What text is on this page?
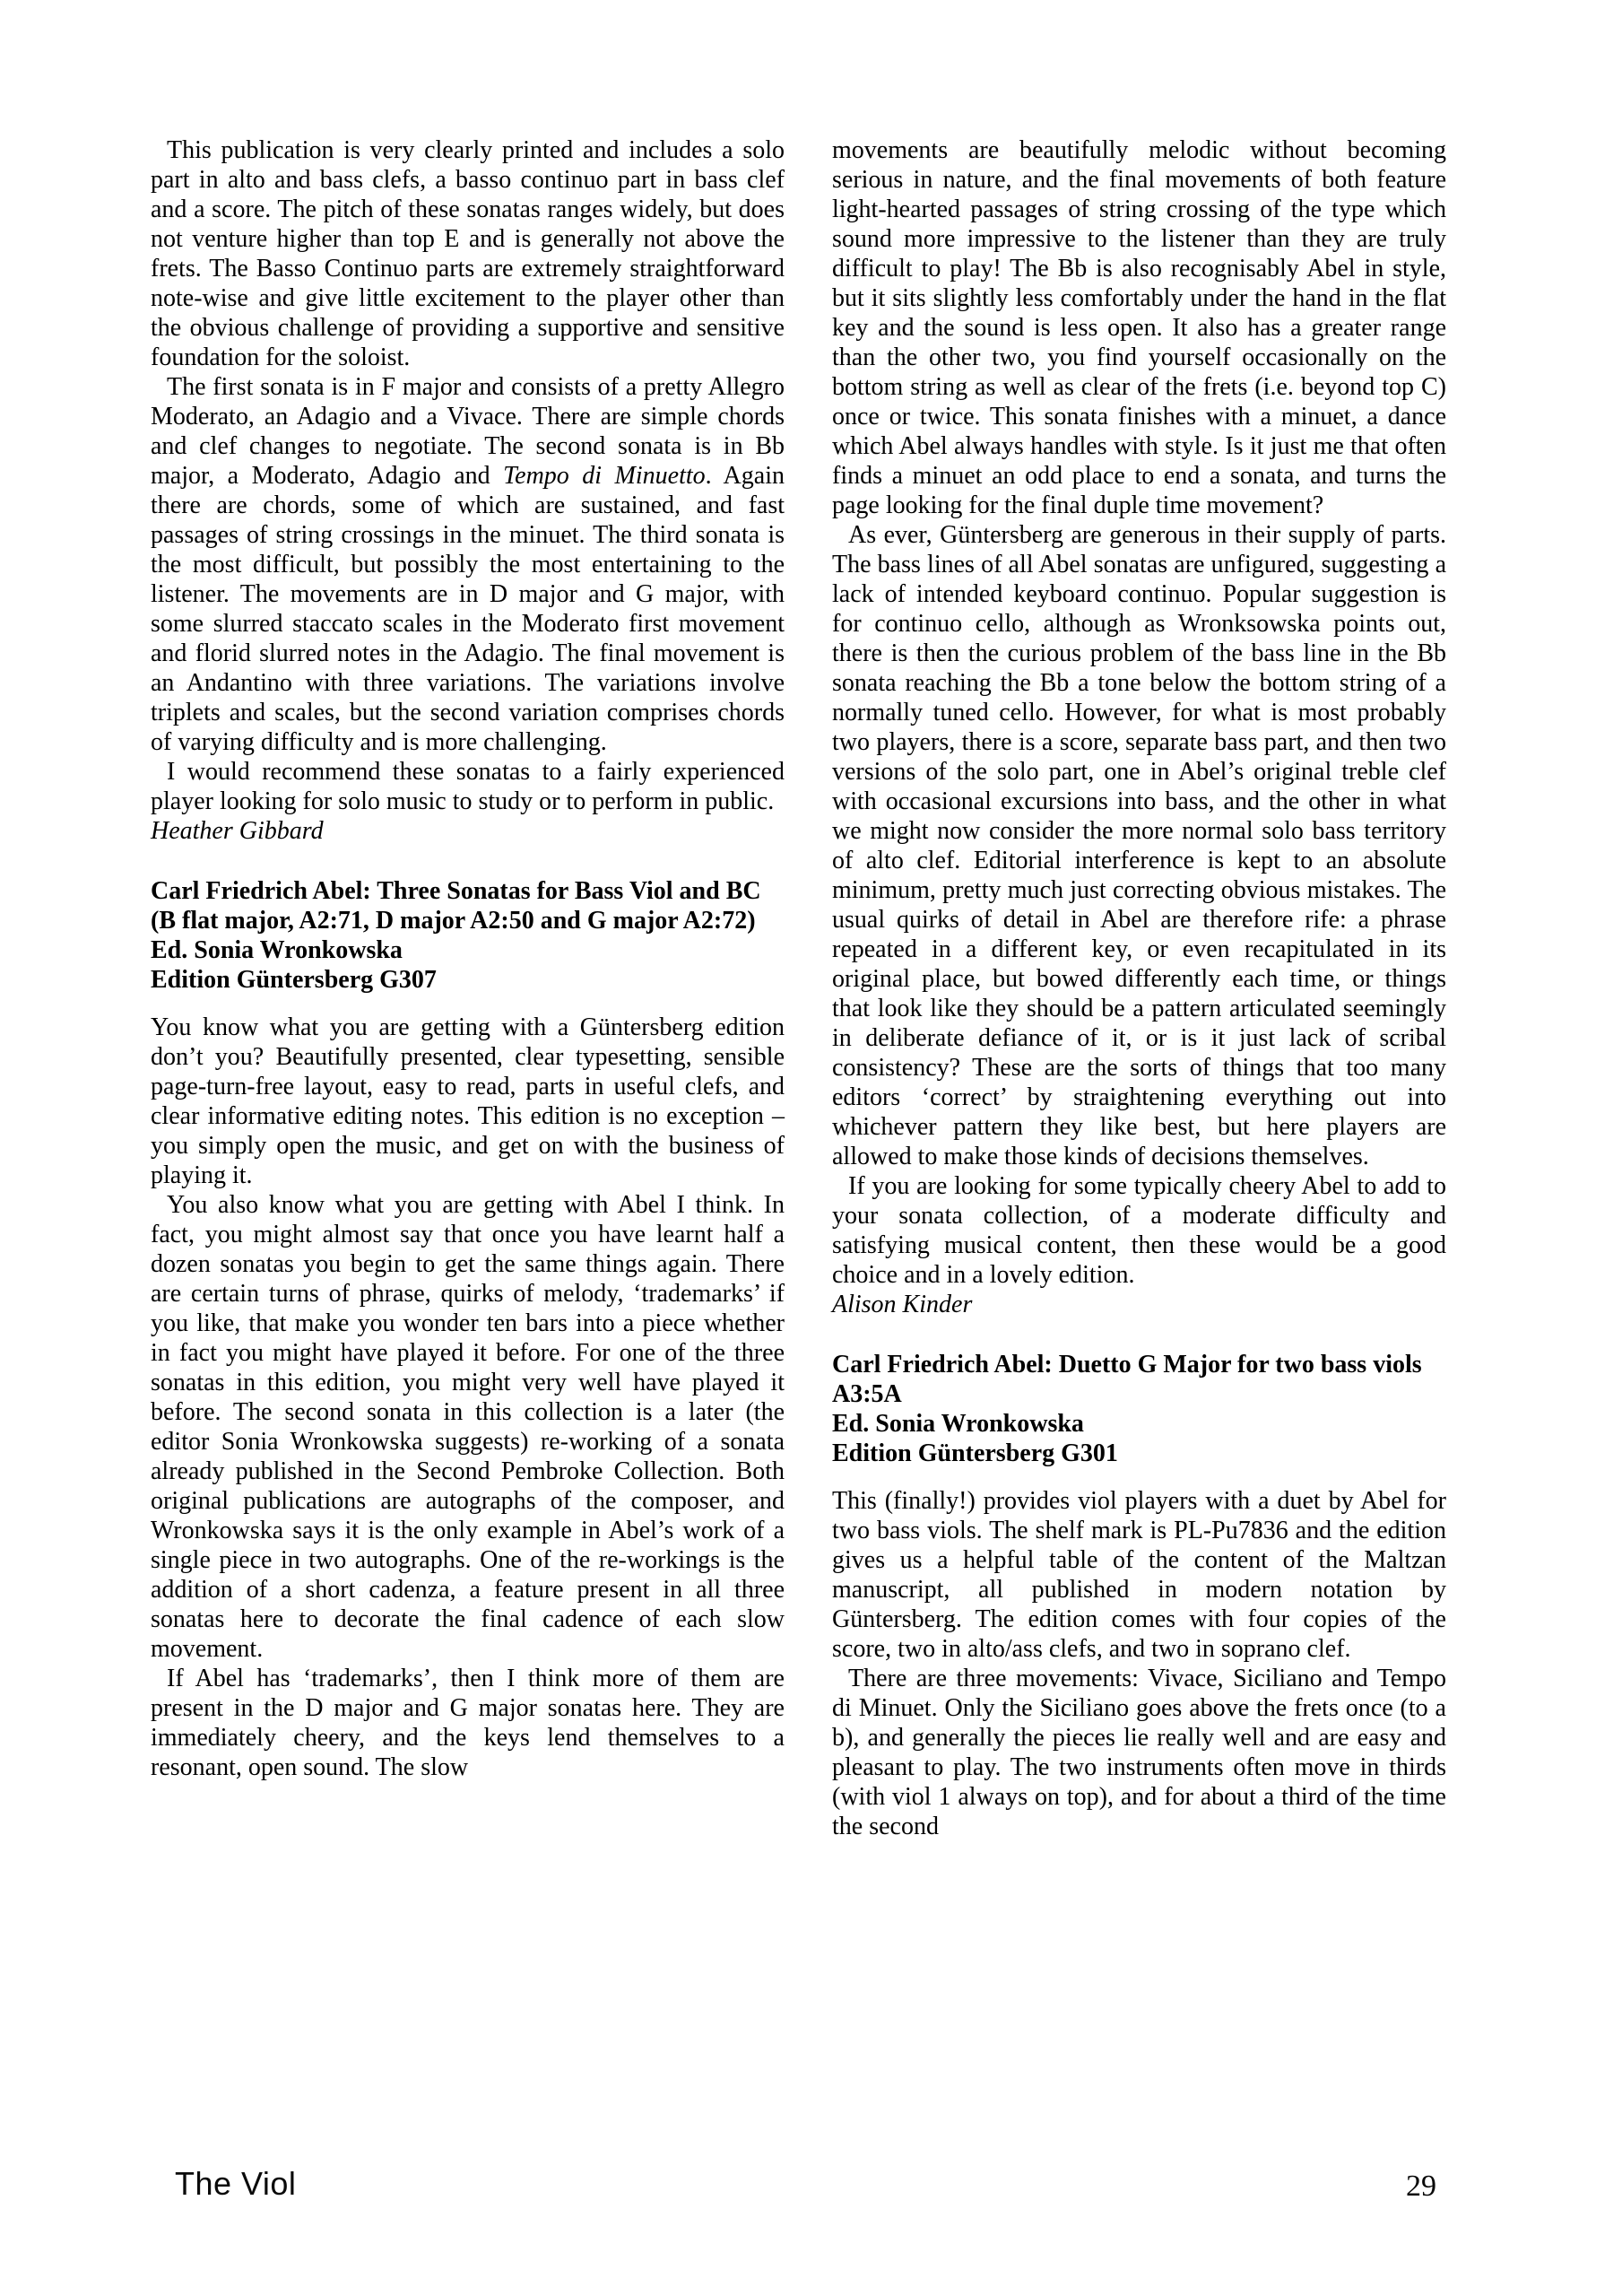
This publication is very clearly printed and includes a solo part in alto and bass clefs, a basso continuo part in bass clef and a score. The pitch of these sonatas ranges widely, but does not venture higher than top E and is generally not above the frets. The Basso Continuo parts are extremely straightforward note-wise and give little excitement to the player other than the obvious challenge of providing a supportive and sensitive foundation for the soloist.

The first sonata is in F major and consists of a pretty Allegro Moderato, an Adagio and a Vivace. There are simple chords and clef changes to negotiate. The second sonata is in Bb major, a Moderato, Adagio and Tempo di Minuetto. Again there are chords, some of which are sustained, and fast passages of string crossings in the minuet. The third sonata is the most difficult, but possibly the most entertaining to the listener. The movements are in D major and G major, with some slurred staccato scales in the Moderato first movement and florid slurred notes in the Adagio. The final movement is an Andantino with three variations. The variations involve triplets and scales, but the second variation comprises chords of varying difficulty and is more challenging.

I would recommend these sonatas to a fairly experienced player looking for solo music to study or to perform in public.

Heather Gibbard

Carl Friedrich Abel: Three Sonatas for Bass Viol and BC (B flat major, A2:71, D major A2:50 and G major A2:72)
Ed. Sonia Wronkowska
Edition Güntersberg G307

You know what you are getting with a Güntersberg edition don’t you? Beautifully presented, clear typesetting, sensible page-turn-free layout, easy to read, parts in useful clefs, and clear informative editing notes. This edition is no exception – you simply open the music, and get on with the business of playing it.

You also know what you are getting with Abel I think. In fact, you might almost say that once you have learnt half a dozen sonatas you begin to get the same things again. There are certain turns of phrase, quirks of melody, ‘trademarks’ if you like, that make you wonder ten bars into a piece whether in fact you might have played it before. For one of the three sonatas in this edition, you might very well have played it before. The second sonata in this collection is a later (the editor Sonia Wronkowska suggests) re-working of a sonata already published in the Second Pembroke Collection. Both original publications are autographs of the composer, and Wronkowska says it is the only example in Abel’s work of a single piece in two autographs. One of the re-workings is the addition of a short cadenza, a feature present in all three sonatas here to decorate the final cadence of each slow movement.

If Abel has ‘trademarks’, then I think more of them are present in the D major and G major sonatas here. They are immediately cheery, and the keys lend themselves to a resonant, open sound. The slow

movements are beautifully melodic without becoming serious in nature, and the final movements of both feature light-hearted passages of string crossing of the type which sound more impressive to the listener than they are truly difficult to play! The Bb is also recognisably Abel in style, but it sits slightly less comfortably under the hand in the flat key and the sound is less open. It also has a greater range than the other two, you find yourself occasionally on the bottom string as well as clear of the frets (i.e. beyond top C) once or twice. This sonata finishes with a minuet, a dance which Abel always handles with style. Is it just me that often finds a minuet an odd place to end a sonata, and turns the page looking for the final duple time movement?

As ever, Güntersberg are generous in their supply of parts. The bass lines of all Abel sonatas are unfigured, suggesting a lack of intended keyboard continuo. Popular suggestion is for continuo cello, although as Wronksowska points out, there is then the curious problem of the bass line in the Bb sonata reaching the Bb a tone below the bottom string of a normally tuned cello. However, for what is most probably two players, there is a score, separate bass part, and then two versions of the solo part, one in Abel’s original treble clef with occasional excursions into bass, and the other in what we might now consider the more normal solo bass territory of alto clef. Editorial interference is kept to an absolute minimum, pretty much just correcting obvious mistakes. The usual quirks of detail in Abel are therefore rife: a phrase repeated in a different key, or even recapitulated in its original place, but bowed differently each time, or things that look like they should be a pattern articulated seemingly in deliberate defiance of it, or is it just lack of scribal consistency? These are the sorts of things that too many editors ‘correct’ by straightening everything out into whichever pattern they like best, but here players are allowed to make those kinds of decisions themselves.

If you are looking for some typically cheery Abel to add to your sonata collection, of a moderate difficulty and satisfying musical content, then these would be a good choice and in a lovely edition.

Alison Kinder

Carl Friedrich Abel: Duetto G Major for two bass viols A3:5A
Ed. Sonia Wronkowska
Edition Güntersberg G301

This (finally!) provides viol players with a duet by Abel for two bass viols. The shelf mark is PL-Pu7836 and the edition gives us a helpful table of the content of the Maltzan manuscript, all published in modern notation by Güntersberg. The edition comes with four copies of the score, two in alto/ass clefs, and two in soprano clef.

There are three movements: Vivace, Siciliano and Tempo di Minuet. Only the Siciliano goes above the frets once (to a b), and generally the pieces lie really well and are easy and pleasant to play. The two instruments often move in thirds (with viol 1 always on top), and for about a third of the time the second

The Viol	29
